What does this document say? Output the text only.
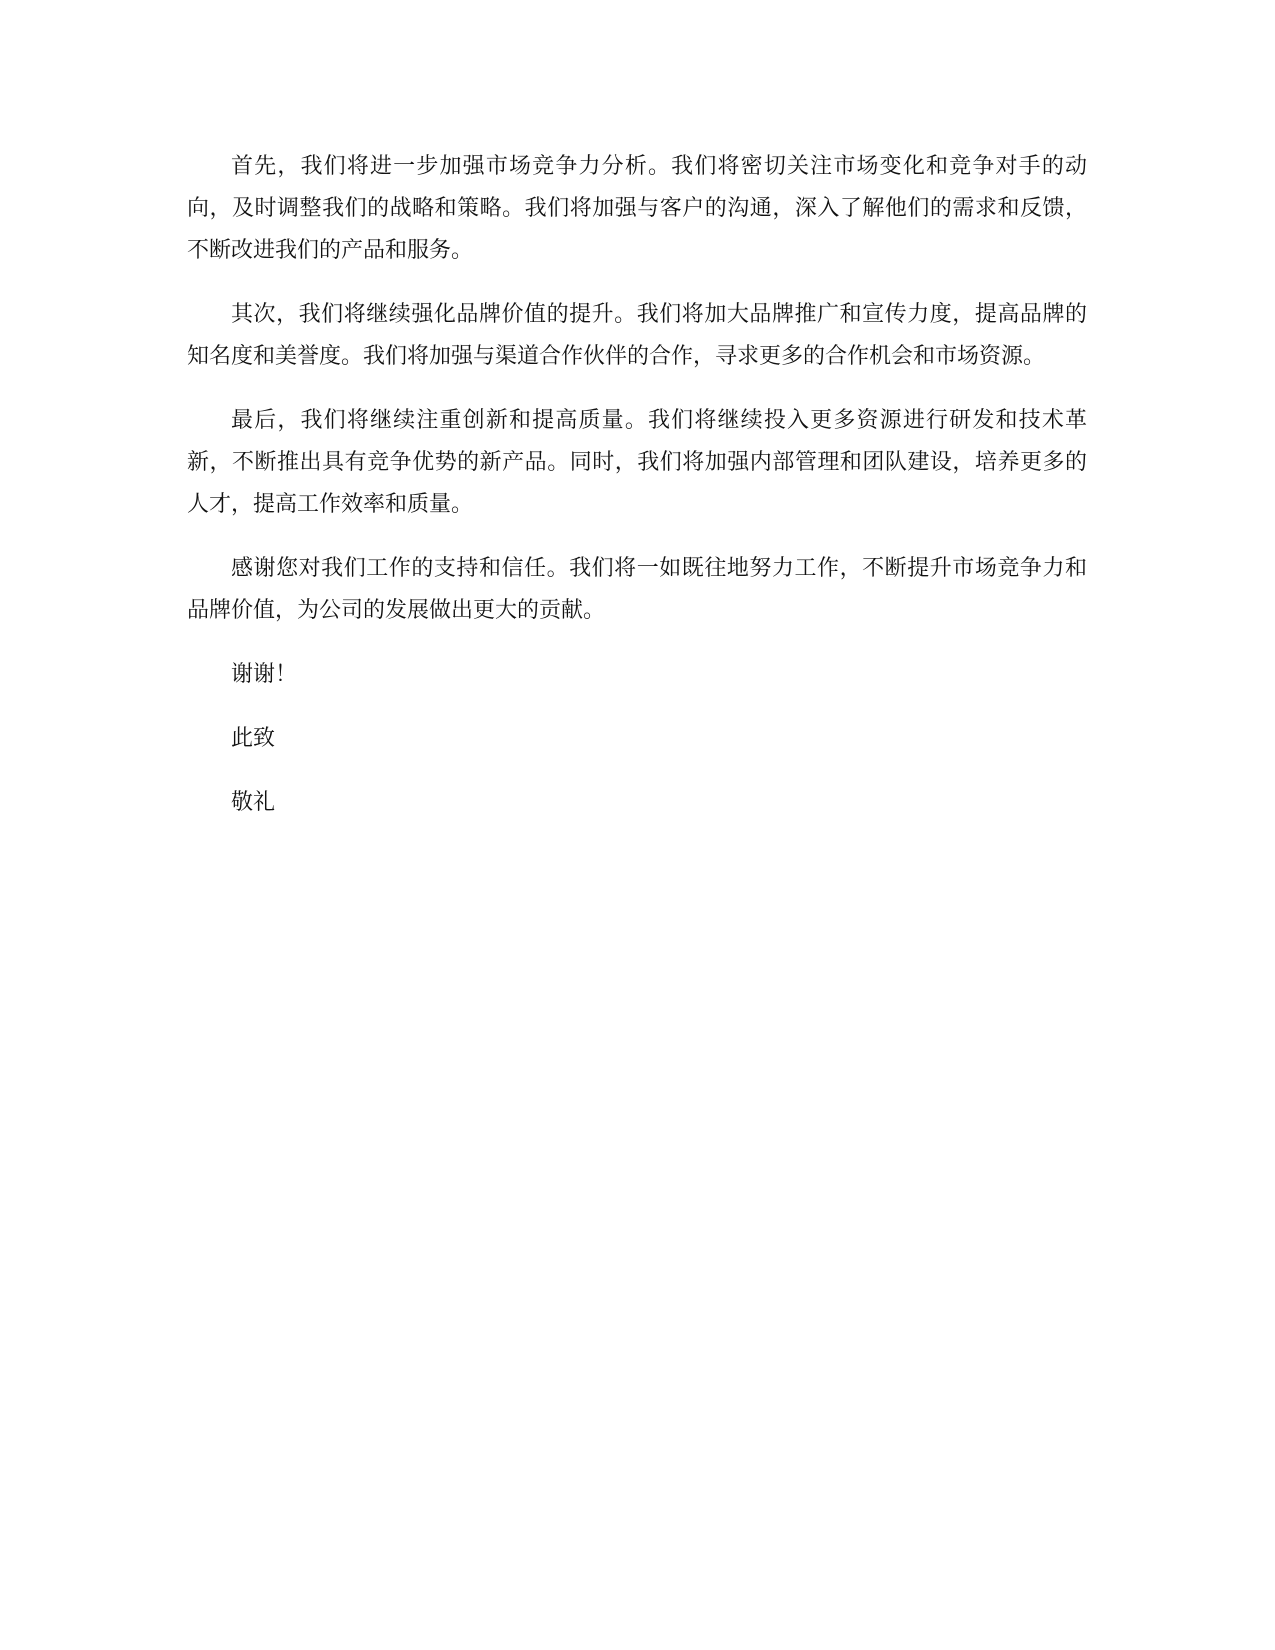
首先，我们将进一步加强市场竞争力分析。我们将密切关注市场变化和竞争对手的动向，及时调整我们的战略和策略。我们将加强与客户的沟通，深入了解他们的需求和反馈，不断改进我们的产品和服务。

其次，我们将继续强化品牌价值的提升。我们将加大品牌推广和宣传力度，提高品牌的知名度和美誉度。我们将加强与渠道合作伙伴的合作，寻求更多的合作机会和市场资源。

最后，我们将继续注重创新和提高质量。我们将继续投入更多资源进行研发和技术革新，不断推出具有竞争优势的新产品。同时，我们将加强内部管理和团队建设，培养更多的人才，提高工作效率和质量。

感谢您对我们工作的支持和信任。我们将一如既往地努力工作，不断提升市场竞争力和品牌价值，为公司的发展做出更大的贡献。

谢谢！

此致

敬礼
